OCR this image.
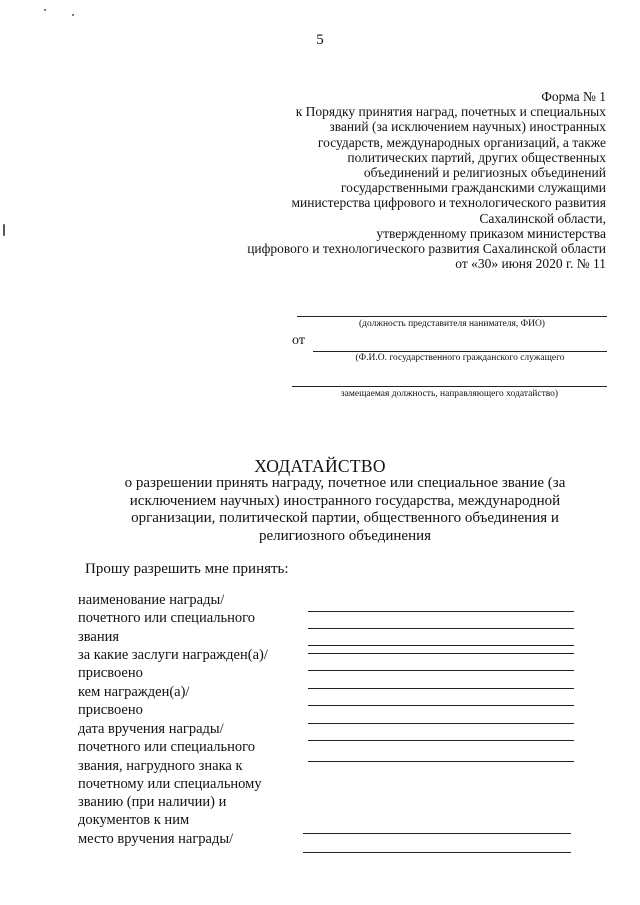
5
Форма № 1
к Порядку принятия наград, почетных и специальных
званий (за исключением научных) иностранных
государств, международных организаций, а также
политических партий, других общественных
объединений и религиозных объединений
государственными гражданскими служащими
министерства цифрового и технологического развития
Сахалинской области,
утвержденному приказом министерства
цифрового и технологического развития Сахалинской области
от «30» июня 2020 г. № 11
(должность представителя нанимателя, ФИО)
от
(Ф.И.О. государственного гражданского служащего
замещаемая должность, направляющего ходатайство)
ХОДАТАЙСТВО
о разрешении принять награду, почетное или специальное звание (за
исключением научных) иностранного государства, международной
организации, политической партии, общественного объединения и
религиозного объединения
Прошу разрешить мне принять:
наименование награды/
почетного или специального
звания
за какие заслуги награжден(а)/
присвоено
кем награжден(а)/
присвоено
дата вручения награды/
почетного или специального
звания, нагрудного знака к
почетному или специальному
званию (при наличии) и
документов к ним
место вручения награды/
